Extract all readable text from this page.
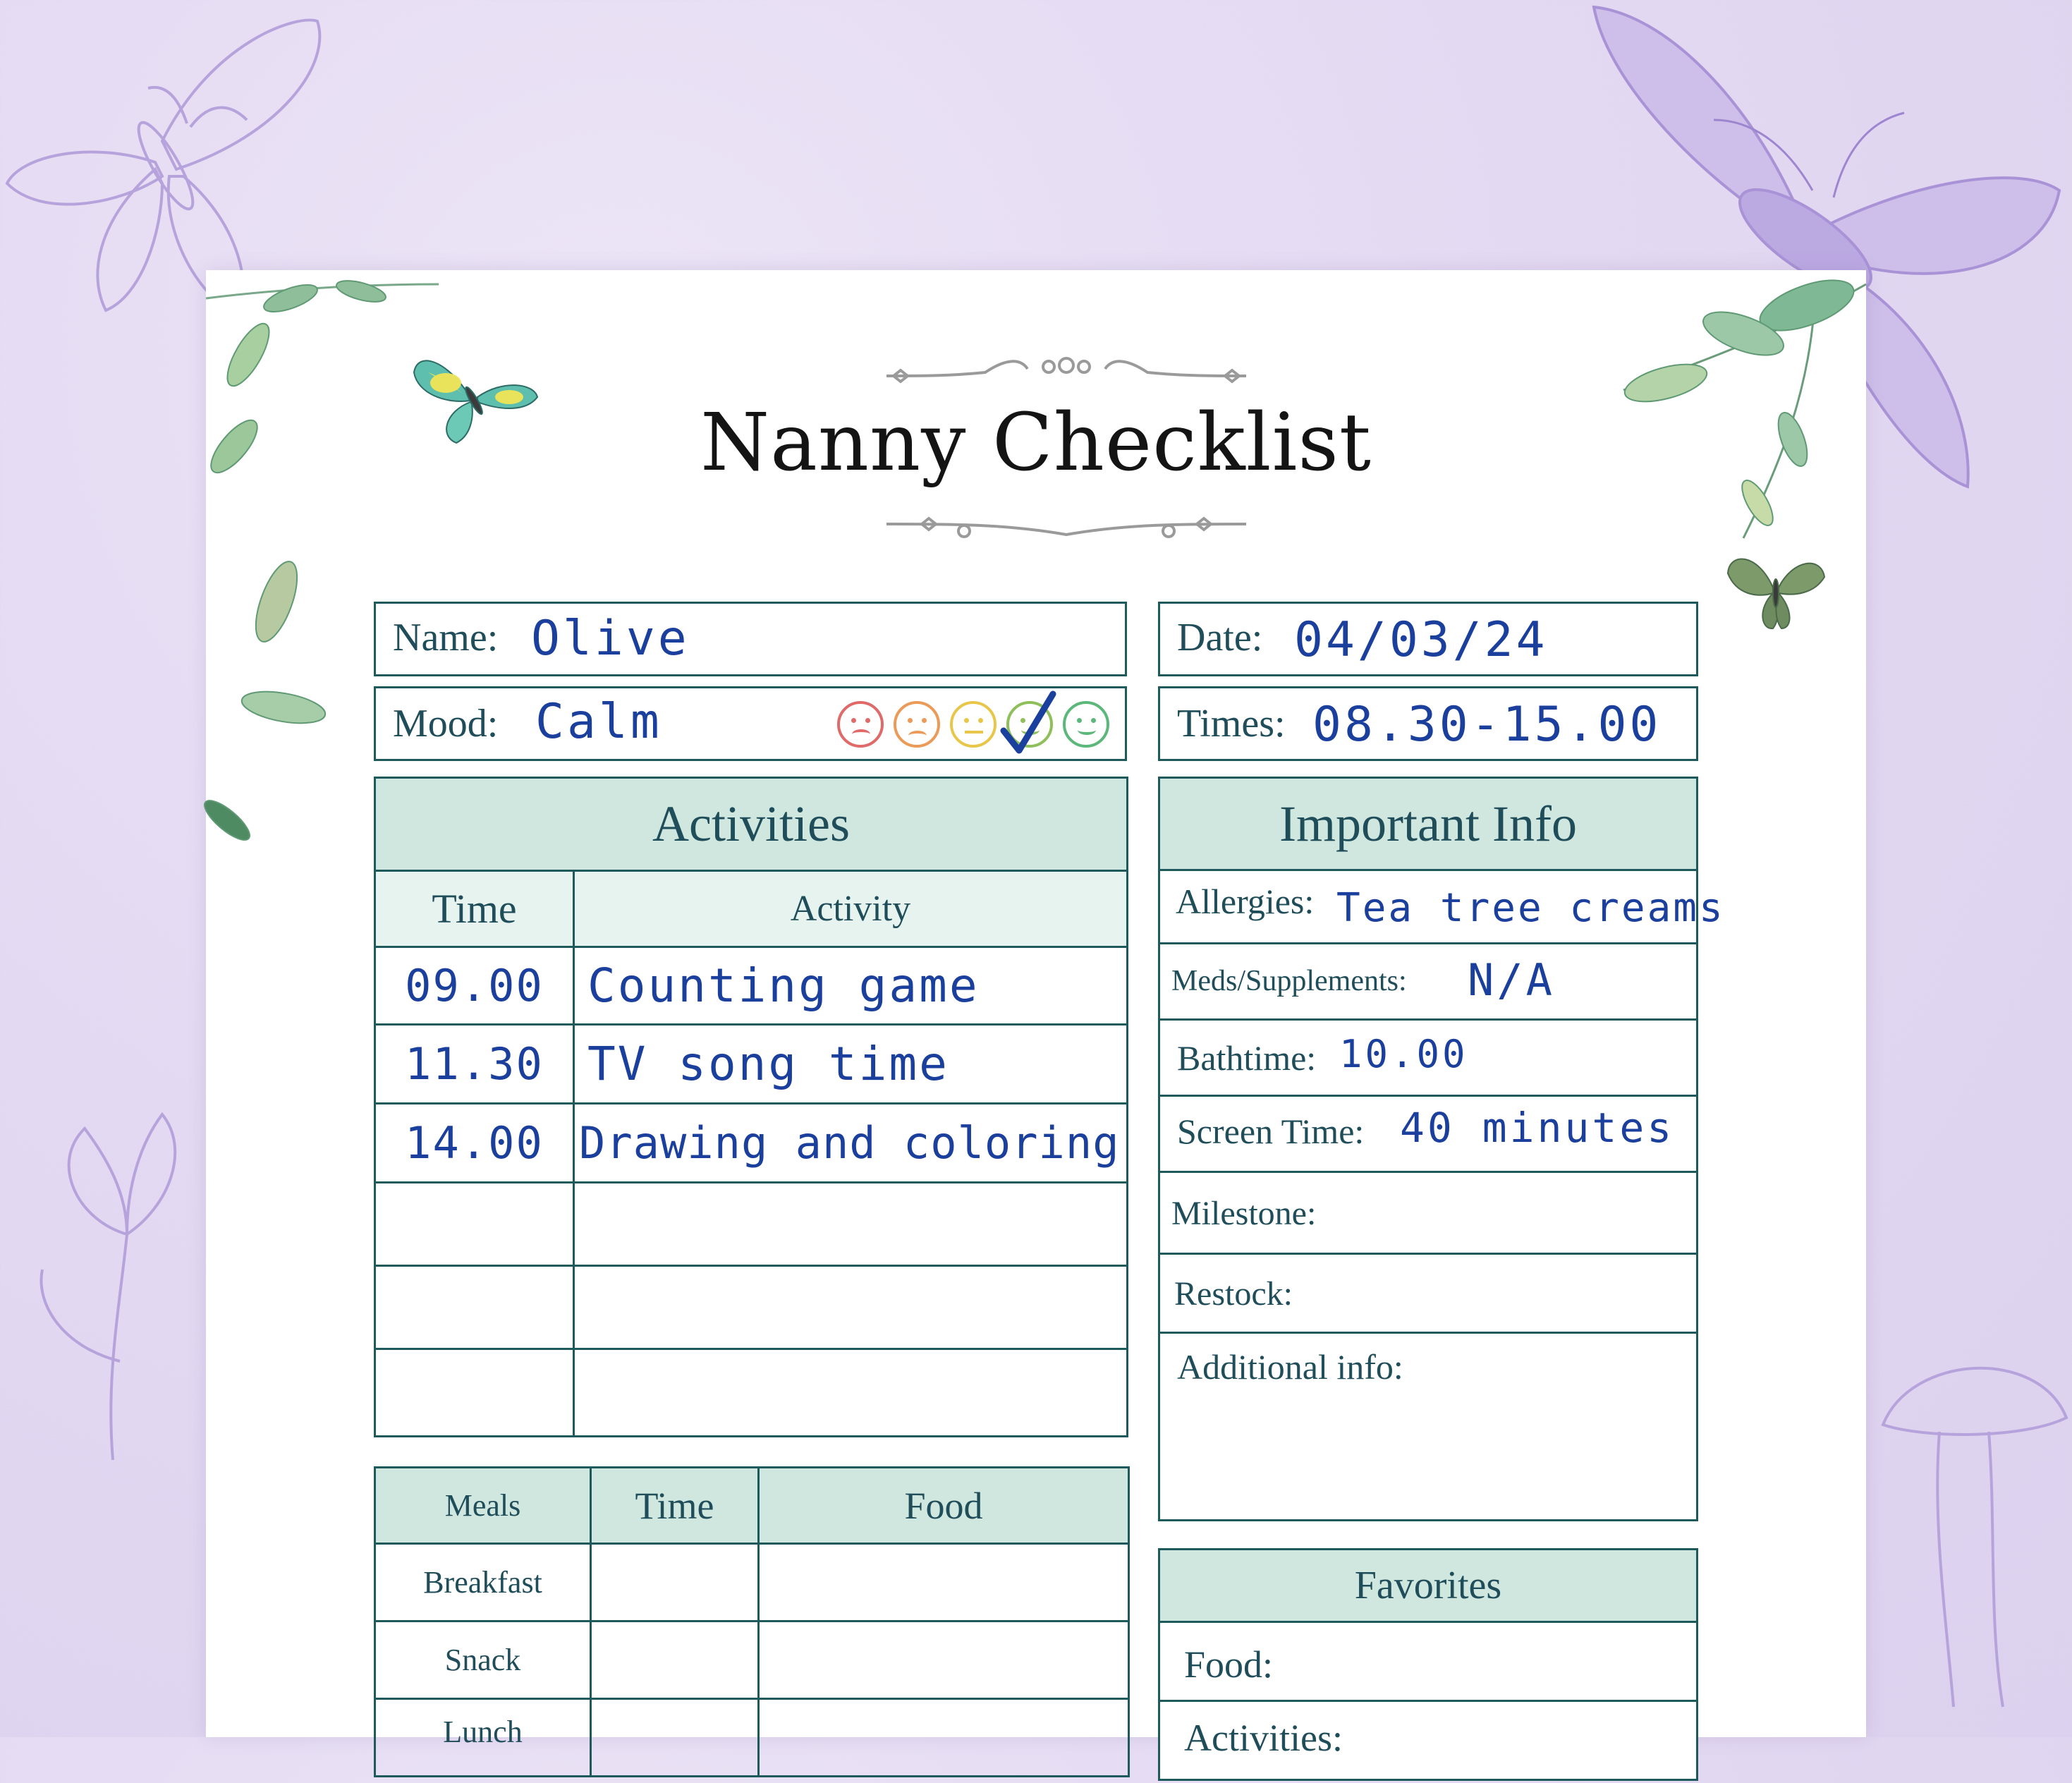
Nanny Checklist
Name: Olive
Mood: Calm
Date: 04/03/24
Times: 08.30-15.00
Activities	
Time	Activity
09.00	Counting game
11.30	TV song time
14.00	Drawing and coloring

Important Info
Allergies: Tea tree creams
Meds/Supplements: N/A
Bathtime: 10.00
Screen Time: 40 minutes
Milestone:
Restock:
Additional info:
Meals	Time	Food
Breakfast		
Snack		
Lunch		
Favorites
Food:
Activities:
